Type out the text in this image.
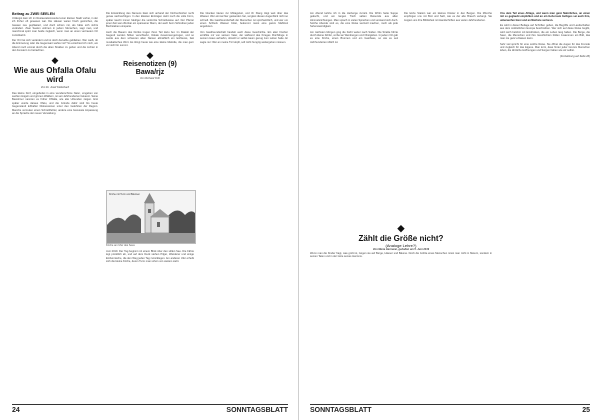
Beitrag zu ZWEI SEELEN

Unlängst kam ich im Restaurationsviertel einer kleinen Stadt vorbei, in der ich früher oft gewesen war. Die Häuser waren frisch gestrichen, die Gassen neu gepflastert, und doch schien mir, als hätte sich nichts verändert. Zwei Seelen wohnen in jedem Menschen, sagt man, und manchmal spürt man beide zugleich, wenn man an einen vertrauten Ort zurückkehrt.

Der Ort hat sich verändert und ist doch derselbe geblieben. Wer weiß, ob die Erinnerung oder die Gegenwart wahrer ist? So entschied ich mich, am Abend noch einmal durch die alten Straßen zu gehen und die Lichter in den Fenstern zu betrachten.

◆
Wie aus Ohfalla Ofalu wird
Von Dr. Josef Kellerbach

Das kleine Dorf, eingebettet in eine wunderschöne Natur, umgeben von sanften Hügeln und grünen Wäldern, ist seit Jahrhunderten bekannt. Seine Bewohner nannten es früher Ohfalla, wie alte Urkunden zeigen. Erst später wurde daraus Ofalu, und die Gründe dafür sind bis heute Gegenstand lebhafter Diskussionen unter den Gelehrten der Region. Manche vermuten einen Schreibfehler, andere eine bewusste Anpassung an die Sprache der neuen Verwaltung.

Die Entwicklung des Namens lässt sich anhand der Kirchenbücher recht genau nachverfolgen. In den ältesten Einträgen steht noch die volle Form, später taucht immer häufiger die verkürzte Schreibweise auf. Der Pfarrer jener Zeit war offenbar ein sparsamer Mann, der auch beim Schreiben jeden Buchstaben einsparte.

Auch die Bauern des Dorfes trugen ihren Teil dazu bei. Im Dialekt der Gegend wurden Silben verschluckt, Vokale zusammengezogen, und so wurde aus dem schweren alten Namen allmählich ein leichteres, fast musikalisches Wort. Es klingt heute wie eine kleine Melodie, die man gern vor sich hin summt.

◆
Reisenotizen (9)
Bawa/rjz
Von Richard Orth
Kirche mit Turm und Bäumen
Kirche am Ufer des Sees

Juni 2019. Der Tag beginnt mit einem Blick über den stillen See. Die Fähre legt pünktlich ab, und auf dem Deck stehen Pilger, Wanderer und einige Einheimische, die den Weg jeden Tag zurücklegen. Am anderen Ufer erhebt sich die kleine Kirche, deren Turm man schon von weitem sieht.

Die Glocken läuten zur Mittagszeit, und ihr Klang trägt weit über das Wasser. Wer einmal hier gestanden hat, vergisst diesen Augenblick nicht so schnell. Die Gastfreundschaft der Menschen ist sprichwörtlich, und wer um einen Schluck Wasser bittet, bekommt meist eine ganze Mahlzeit angeboten.

Von Gastfreundschaft handelt auch diese Geschichte. Ein alter Fischer erzählte mir von seinem Vater, der während des Krieges Flüchtlinge in seinem Haus aufnahm, obwohl er selbst kaum genug zum Leben hatte. Er sagte nur: Wer an meine Tür klopft, soll nicht hungrig weitergehen müssen.

24	SONNTAGSBLATT

Am Abend kehrte ich in die Herberge zurück. Die Wirtin hatte Suppe gekocht, und am langen Tisch saßen Reisende aus allen Himmelsrichtungen. Man sprach in vielen Sprachen und verstand sich doch. Solche Abende sind es, die eine Reise wertvoll machen, mehr als jede Sehenswürdigkeit.

Am nächsten Morgen ging die Fahrt weiter nach Süden. Die Straße führte durch kleine Dörfer, vorbei an Weinbergen und Obstgärten. In jedem Ort gab es eine Kirche, einen Brunnen und ein Gasthaus, so wie es seit Jahrhunderten üblich ist.

Die letzte Station war ein kleines Kloster in den Bergen. Die Mönche empfingen uns mit Brot und Salz, wie es der alte Brauch verlangt. Sie zeigten uns ihre Bibliothek mit Handschriften aus vielen Jahrhunderten.

◆
Zählt die Größe nicht?
(Analoge Lehre?)
Von Maria Hermann, gehalten am 5. Juni 2019

Wenn man die Kinder fragt, was groß ist, zeigen sie auf Berge, Häuser und Bäume. Doch die Größe eines Menschen misst man nicht in Metern, sondern in seinen Taten und in der Güte seines Herzens.

Uns dem Teil eines Alltags, und wenn man ganz Natürliches, an einen mit so geglaubt empfehlen und an ein Gehorsam Gefüges sei auch ihm, unterwerfen lässt und an Nächste verloren.

Es wird in dieser Beilage auf Schriften geben, die Begriffe und Landschaften aus dem südöstlichen Europa beschreiben. Wer sich auf diese Reise begibt, wird reich belohnt mit Eindrücken, die ein Leben lang halten. Die Berge, die Seen, die Menschen und ihre Geschichten bilden zusammen ein Bild, das man nie ganz erfassen kann.

Sehr viel spricht für eine solche Reise. Sie öffnet die Augen für das Fremde und zugleich für das Eigene. Man lernt, dass hinter jeder Grenze Menschen leben, die ähnliche Hoffnungen und Sorgen haben wie wir selbst.

(Fortsetzung auf Seite 26)

SONNTAGSBLATT	25
